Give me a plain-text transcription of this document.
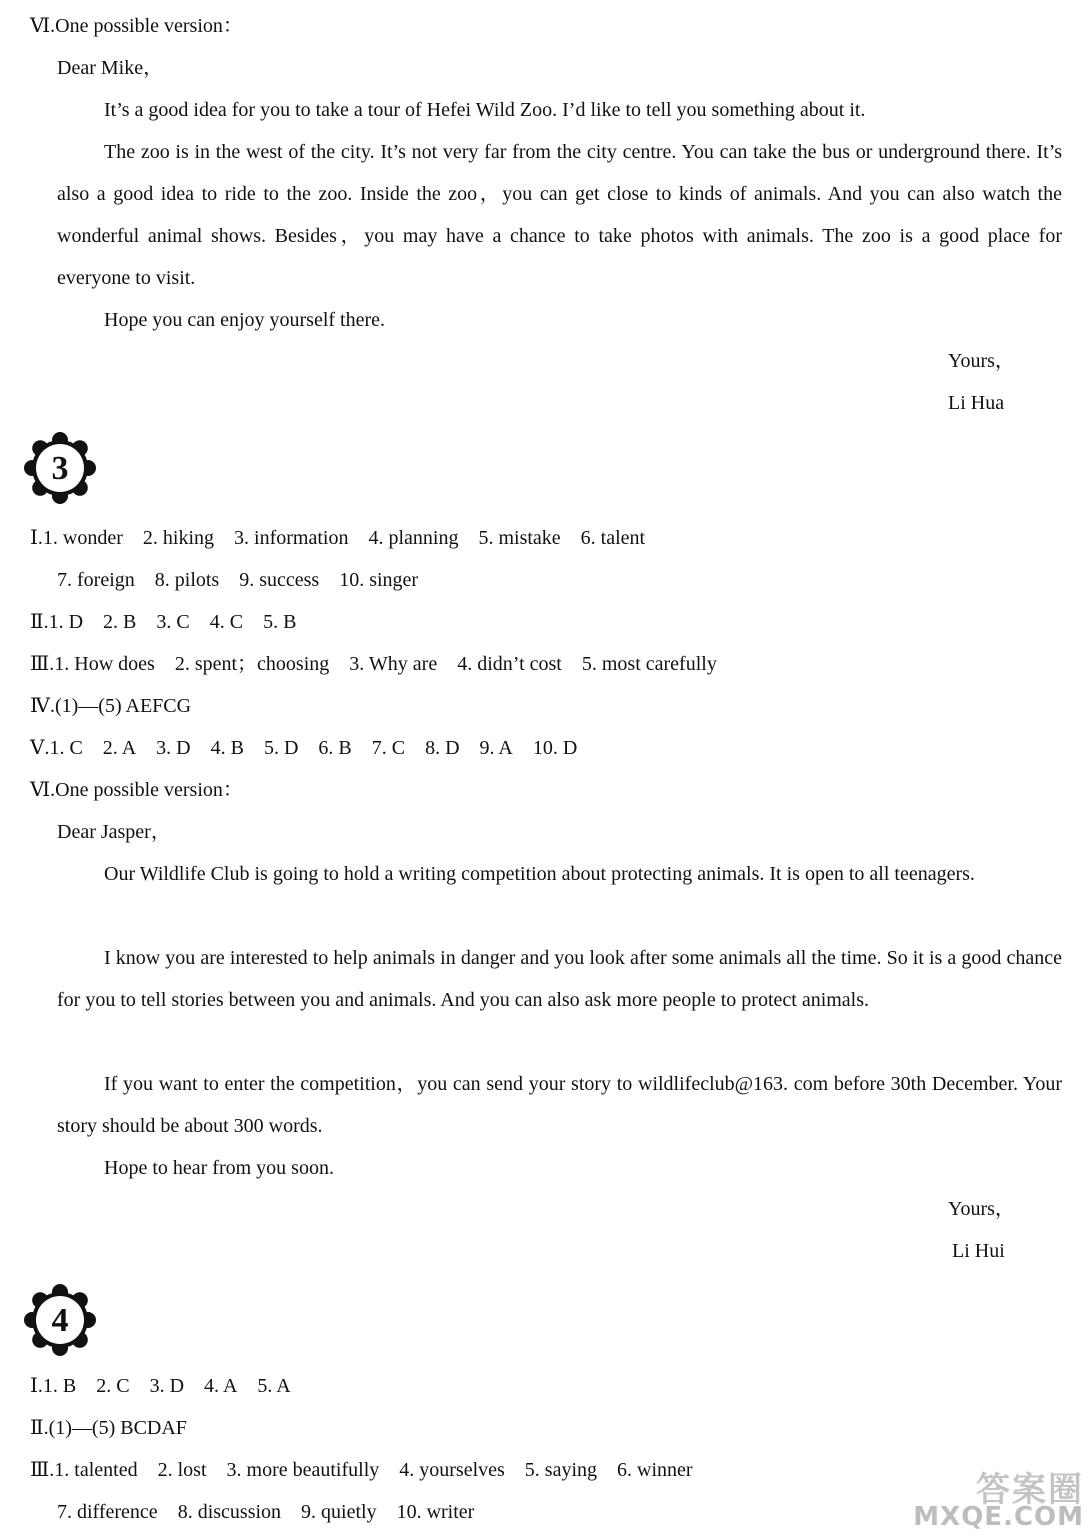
Ⅵ.One possible version：
Dear Mike，
It’s a good idea for you to take a tour of Hefei Wild Zoo. I’d like to tell you something about it.
The zoo is in the west of the city. It’s not very far from the city centre. You can take the bus or underground there. It’s also a good idea to ride to the zoo. Inside the zoo，you can get close to kinds of animals. And you can also watch the wonderful animal shows. Besides，you may have a chance to take photos with animals. The zoo is a good place for everyone to visit.
Hope you can enjoy yourself there.
Yours，
Li Hua
3
Ⅰ.1. wonder 2. hiking 3. information 4. planning 5. mistake 6. talent
7. foreign 8. pilots 9. success 10. singer
Ⅱ.1. D 2. B 3. C 4. C 5. B
Ⅲ.1. How does 2. spent；choosing 3. Why are 4. didn’t cost 5. most carefully
Ⅳ.(1)—(5) AEFCG
Ⅴ.1. C 2. A 3. D 4. B 5. D 6. B 7. C 8. D 9. A 10. D
Ⅵ.One possible version：
Dear Jasper，
Our Wildlife Club is going to hold a writing competition about protecting animals. It is open to all teenagers.
I know you are interested to help animals in danger and you look after some animals all the time. So it is a good chance for you to tell stories between you and animals. And you can also ask more people to protect animals.
If you want to enter the competition，you can send your story to wildlifeclub@163. com before 30th December. Your story should be about 300 words.
Hope to hear from you soon.
Yours，
Li Hui
4
Ⅰ.1. B 2. C 3. D 4. A 5. A
Ⅱ.(1)—(5) BCDAF
Ⅲ.1. talented 2. lost 3. more beautifully 4. yourselves 5. saying 6. winner
7. difference 8. discussion 9. quietly 10. writer
答案圈
MXQE.COM
